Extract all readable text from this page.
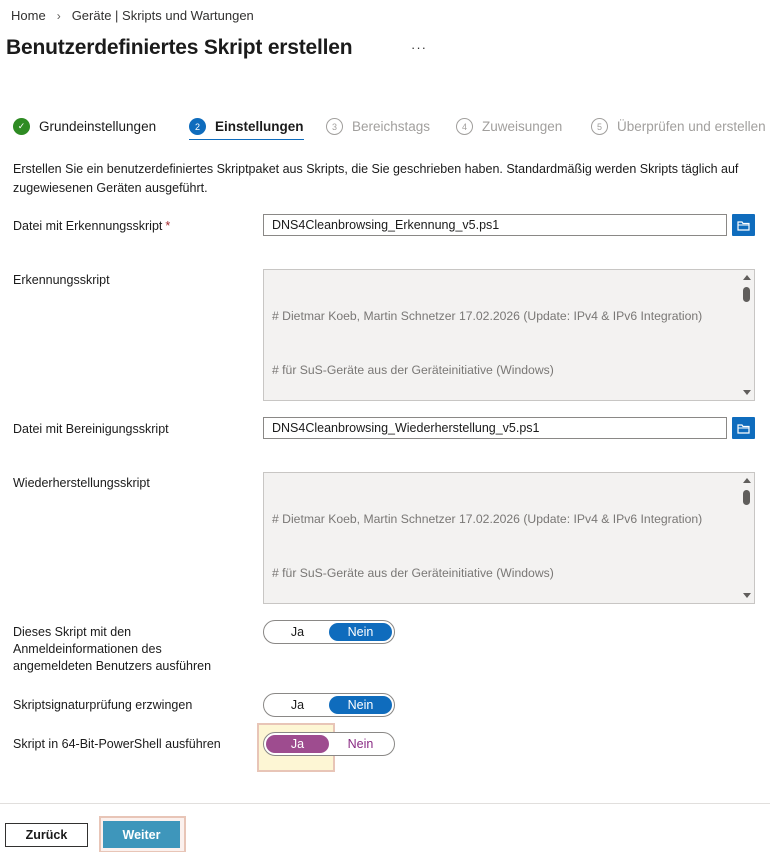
Home › Geräte | Skripts und Wartungen
Benutzerdefiniertes Skript erstellen	···
✓	Grundeinstellungen	2	Einstellungen	3	Bereichstags	4	Zuweisungen	5	Überprüfen und erstellen
Erstellen Sie ein benutzerdefiniertes Skriptpaket aus Skripts, die Sie geschrieben haben. Standardmäßig werden Skripts täglich auf zugewiesenen Geräten ausgeführt.
Datei mit Erkennungsskript *	DNS4Cleanbrowsing_Erkennung_v5.ps1
Erkennungsskript

# Dietmar Koeb, Martin Schnetzer 17.02.2026 (Update: IPv4 & IPv6 Integration)

# für SuS-Geräte aus der Geräteinitiative (Windows)

Datei mit Bereinigungsskript	DNS4Cleanbrowsing_Wiederherstellung_v5.ps1
Wiederherstellungsskript

# Dietmar Koeb, Martin Schnetzer 17.02.2026 (Update: IPv4 & IPv6 Integration)

# für SuS-Geräte aus der Geräteinitiative (Windows)

Dieses Skript mit den Anmeldeinformationen des angemeldeten Benutzers ausführen
Ja	Nein
Skriptsignaturprüfung erzwingen	Ja	Nein
Skript in 64-Bit-PowerShell ausführen	Ja	Nein
Zurück	Weiter
